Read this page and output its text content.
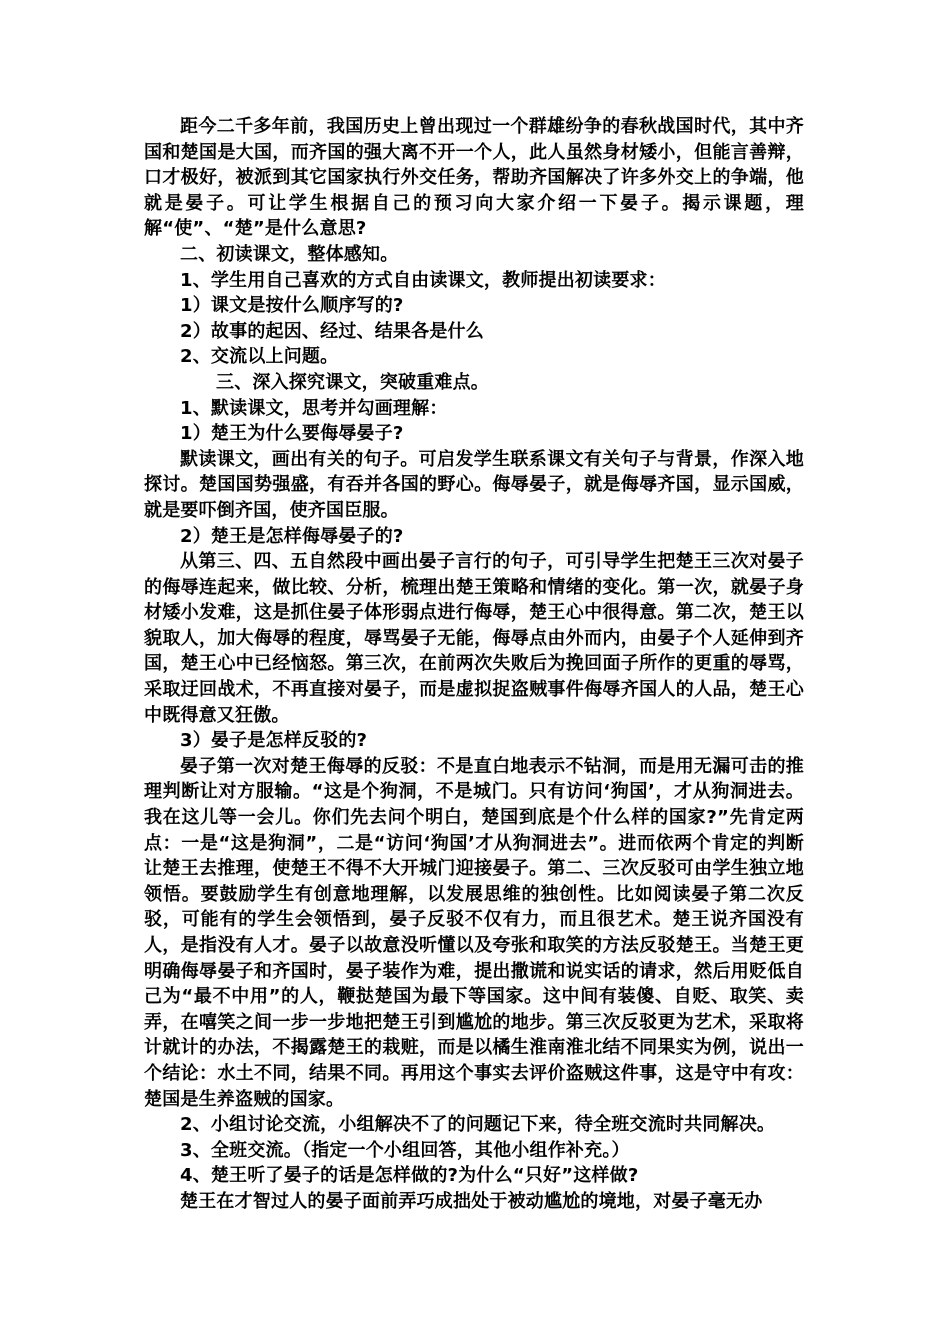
距今二千多年前，我国历史上曾出现过一个群雄纷争的春秋战国时代，其中齐国和楚国是大国，而齐国的强大离不开一个人，此人虽然身材矮小，但能言善辩，口才极好，被派到其它国家执行外交任务，帮助齐国解决了许多外交上的争端，他就是晏子。可让学生根据自己的预习向大家介绍一下晏子。揭示课题，理解“使”、“楚”是什么意思?

二、初读课文，整体感知。

1、学生用自己喜欢的方式自由读课文，教师提出初读要求：

1）课文是按什么顺序写的?

2）故事的起因、经过、结果各是什么

2、交流以上问题。

三、深入探究课文，突破重难点。

1、默读课文，思考并勾画理解：

1）楚王为什么要侮辱晏子?

默读课文，画出有关的句子。可启发学生联系课文有关句子与背景，作深入地探讨。楚国国势强盛，有吞并各国的野心。侮辱晏子，就是侮辱齐国，显示国威，就是要吓倒齐国，使齐国臣服。

2）楚王是怎样侮辱晏子的?

从第三、四、五自然段中画出晏子言行的句子，可引导学生把楚王三次对晏子的侮辱连起来，做比较、分析，梳理出楚王策略和情绪的变化。第一次，就晏子身材矮小发难，这是抓住晏子体形弱点进行侮辱，楚王心中很得意。第二次，楚王以貌取人，加大侮辱的程度，辱骂晏子无能，侮辱点由外而内，由晏子个人延伸到齐国，楚王心中已经恼怒。第三次，在前两次失败后为挽回面子所作的更重的辱骂，采取迂回战术，不再直接对晏子，而是虚拟捉盗贼事件侮辱齐国人的人品，楚王心中既得意又狂傲。

3）晏子是怎样反驳的?

晏子第一次对楚王侮辱的反驳：不是直白地表示不钻洞，而是用无漏可击的推理判断让对方服输。“这是个狗洞，不是城门。只有访问‘狗国’，才从狗洞进去。我在这儿等一会儿。你们先去问个明白，楚国到底是个什么样的国家?”先肯定两点：一是“这是狗洞”，二是“访问‘狗国’才从狗洞进去”。进而依两个肯定的判断让楚王去推理，使楚王不得不大开城门迎接晏子。第二、三次反驳可由学生独立地领悟。要鼓励学生有创意地理解，以发展思维的独创性。比如阅读晏子第二次反驳，可能有的学生会领悟到，晏子反驳不仅有力，而且很艺术。楚王说齐国没有人，是指没有人才。晏子以故意没听懂以及夸张和取笑的方法反驳楚王。当楚王更明确侮辱晏子和齐国时，晏子装作为难，提出撒谎和说实话的请求，然后用贬低自己为“最不中用”的人，鞭挞楚国为最下等国家。这中间有装傻、自贬、取笑、卖弄，在嘻笑之间一步一步地把楚王引到尴尬的地步。第三次反驳更为艺术，采取将计就计的办法，不揭露楚王的栽赃，而是以橘生淮南淮北结不同果实为例，说出一个结论：水土不同，结果不同。再用这个事实去评价盗贼这件事，这是守中有攻：楚国是生养盗贼的国家。

2、小组讨论交流，小组解决不了的问题记下来，待全班交流时共同解决。

3、全班交流。（指定一个小组回答，其他小组作补充。）

4、楚王听了晏子的话是怎样做的?为什么“只好”这样做?

楚王在才智过人的晏子面前弄巧成拙处于被动尴尬的境地，对晏子毫无办
